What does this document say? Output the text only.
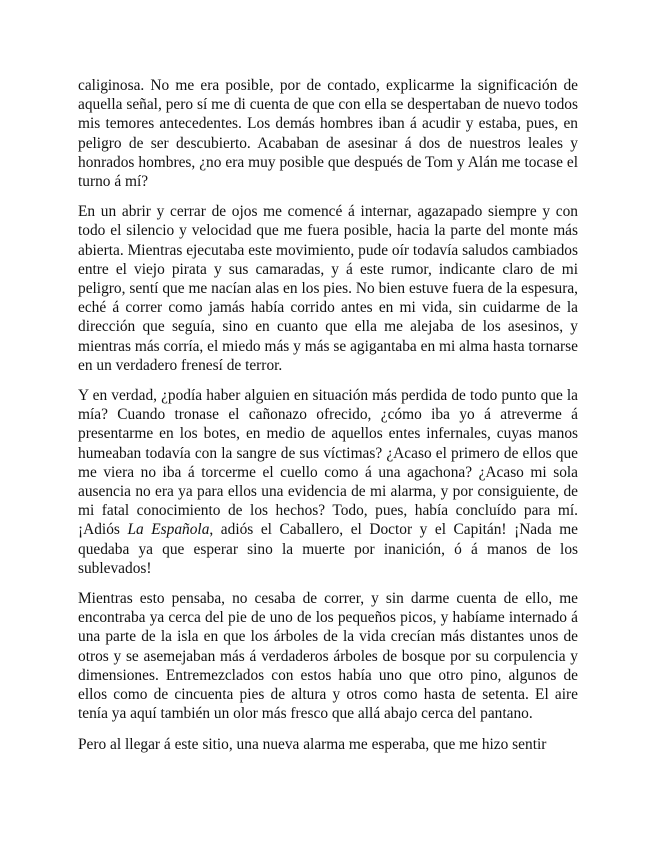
caliginosa. No me era posible, por de contado, explicarme la significación de aquella señal, pero sí me di cuenta de que con ella se despertaban de nuevo todos mis temores antecedentes. Los demás hombres iban á acudir y estaba, pues, en peligro de ser descubierto. Acababan de asesinar á dos de nuestros leales y honrados hombres, ¿no era muy posible que después de Tom y Alán me tocase el turno á mí?

En un abrir y cerrar de ojos me comencé á internar, agazapado siempre y con todo el silencio y velocidad que me fuera posible, hacia la parte del monte más abierta. Mientras ejecutaba este movimiento, pude oír todavía saludos cambiados entre el viejo pirata y sus camaradas, y á este rumor, indicante claro de mi peligro, sentí que me nacían alas en los pies. No bien estuve fuera de la espesura, eché á correr como jamás había corrido antes en mi vida, sin cuidarme de la dirección que seguía, sino en cuanto que ella me alejaba de los asesinos, y mientras más corría, el miedo más y más se agigantaba en mi alma hasta tornarse en un verdadero frenesí de terror.

Y en verdad, ¿podía haber alguien en situación más perdida de todo punto que la mía? Cuando tronase el cañonazo ofrecido, ¿cómo iba yo á atreverme á presentarme en los botes, en medio de aquellos entes infernales, cuyas manos humeaban todavía con la sangre de sus víctimas? ¿Acaso el primero de ellos que me viera no iba á torcerme el cuello como á una agachona? ¿Acaso mi sola ausencia no era ya para ellos una evidencia de mi alarma, y por consiguiente, de mi fatal conocimiento de los hechos? Todo, pues, había concluído para mí. ¡Adiós La Española, adiós el Caballero, el Doctor y el Capitán! ¡Nada me quedaba ya que esperar sino la muerte por inanición, ó á manos de los sublevados!

Mientras esto pensaba, no cesaba de correr, y sin darme cuenta de ello, me encontraba ya cerca del pie de uno de los pequeños picos, y habíame internado á una parte de la isla en que los árboles de la vida crecían más distantes unos de otros y se asemejaban más á verdaderos árboles de bosque por su corpulencia y dimensiones. Entremezclados con estos había uno que otro pino, algunos de ellos como de cincuenta pies de altura y otros como hasta de setenta. El aire tenía ya aquí también un olor más fresco que allá abajo cerca del pantano.

Pero al llegar á este sitio, una nueva alarma me esperaba, que me hizo sentir
